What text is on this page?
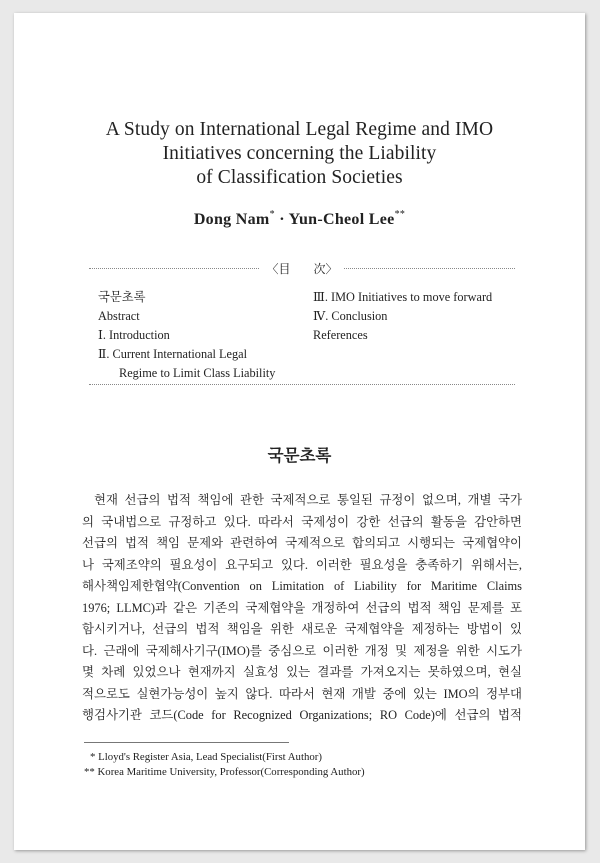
A Study on International Legal Regime and IMO
Initiatives concerning the Liability
of Classification Societies
Dong Nam* · Yun-Cheol Lee**
〈目 次〉
국문초록
Abstract
Ⅰ. Introduction
Ⅱ. Current International Legal
Regime to Limit Class Liability
Ⅲ. IMO Initiatives to move forward
Ⅳ. Conclusion
References
국문초록
현재 선급의 법적 책임에 관한 국제적으로 통일된 규정이 없으며, 개별 국가
의 국내법으로 규정하고 있다. 따라서 국제성이 강한 선급의 활동을 감안하면
선급의 법적 책임 문제와 관련하여 국제적으로 합의되고 시행되는 국제협약이
나 국제조약의 필요성이 요구되고 있다. 이러한 필요성을 충족하기 위해서는,
해사책임제한협약(Convention on Limitation of Liability for Maritime Claims
1976; LLMC)과 같은 기존의 국제협약을 개정하여 선급의 법적 책임 문제를 포
함시키거나, 선급의 법적 책임을 위한 새로운 국제협약을 제정하는 방법이 있
다. 근래에 국제해사기구(IMO)를 중심으로 이러한 개정 및 제정을 위한 시도가
몇 차례 있었으나 현재까지 실효성 있는 결과를 가져오지는 못하였으며, 현실
적으로도 실현가능성이 높지 않다. 따라서 현재 개발 중에 있는 IMO의 정부대
행검사기관 코드(Code for Recognized Organizations; RO Code)에 선급의 법적
* Lloyd's Register Asia, Lead Specialist(First Author)
** Korea Maritime University, Professor(Corresponding Author)
